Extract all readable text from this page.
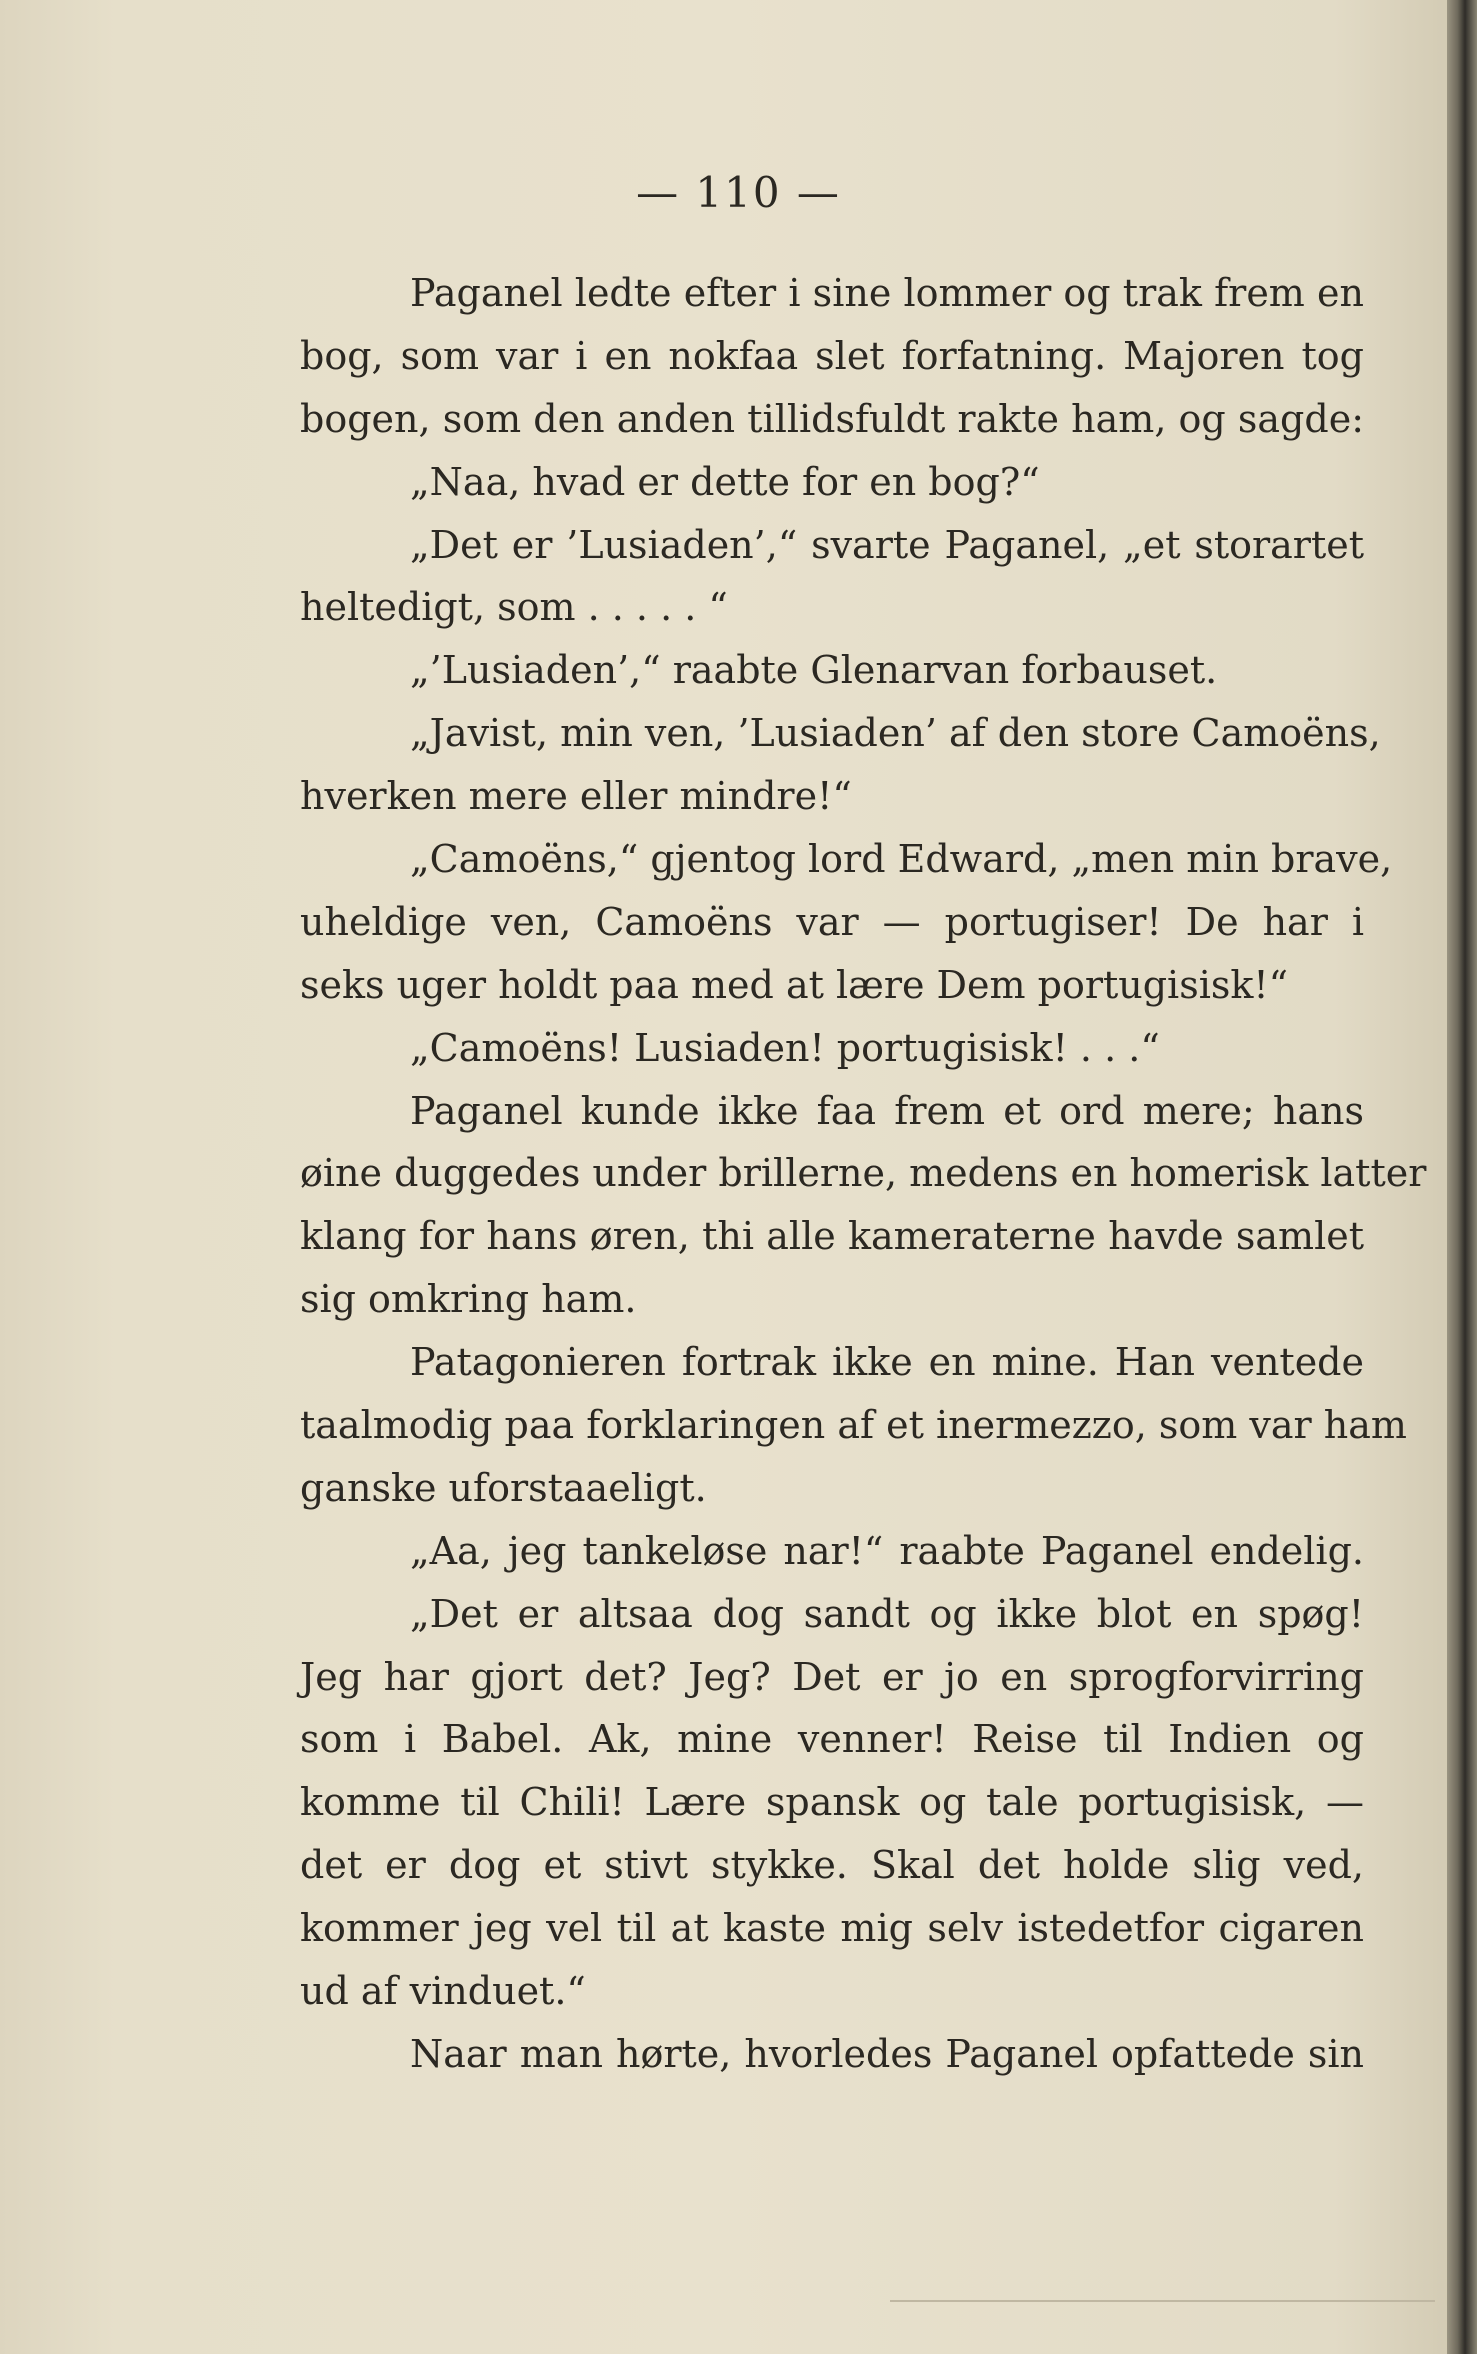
— 110 —
Paganel ledte efter i sine lommer og trak frem en
bog, som var i en nokfaa slet forfatning. Majoren tog
bogen, som den anden tillidsfuldt rakte ham, og sagde:
„Naa, hvad er dette for en bog?“
„Det er ’Lusiaden’,“ svarte Paganel, „et storartet
heltedigt, som . . . . . “
„’Lusiaden’,“ raabte Glenarvan forbauset.
„Javist, min ven, ’Lusiaden’ af den store Camoëns,
hverken mere eller mindre!“
„Camoëns,“ gjentog lord Edward, „men min brave,
uheldige ven, Camoëns var — portugiser! De har i
seks uger holdt paa med at lære Dem portugisisk!“
„Camoëns! Lusiaden! portugisisk! . . .“
Paganel kunde ikke faa frem et ord mere; hans
øine duggedes under brillerne, medens en homerisk latter
klang for hans øren, thi alle kameraterne havde samlet
sig omkring ham.
Patagonieren fortrak ikke en mine. Han ventede
taalmodig paa forklaringen af et inermezzo, som var ham
ganske uforstaaeligt.
„Aa, jeg tankeløse nar!“ raabte Paganel endelig.
„Det er altsaa dog sandt og ikke blot en spøg!
Jeg har gjort det? Jeg? Det er jo en sprogforvirring
som i Babel. Ak, mine venner! Reise til Indien og
komme til Chili! Lære spansk og tale portugisisk, —
det er dog et stivt stykke. Skal det holde slig ved,
kommer jeg vel til at kaste mig selv istedetfor cigaren
ud af vinduet.“
Naar man hørte, hvorledes Paganel opfattede sin
